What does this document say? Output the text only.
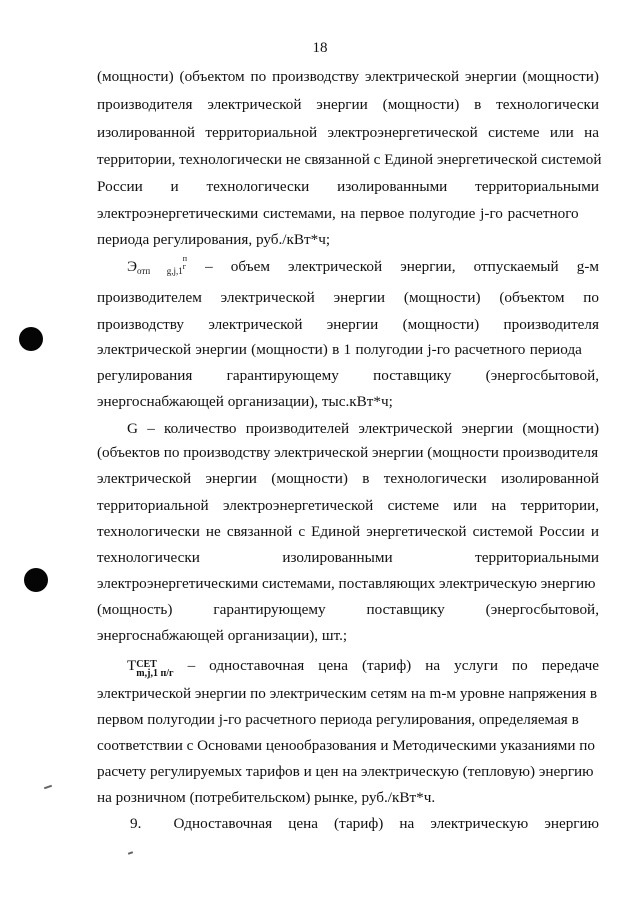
18
(мощности) (объектом по производству электрической энергии (мощности)
производителя электрической энергии (мощности) в технологически
изолированной территориальной электроэнергетической системе или на
территории, технологически не связанной с Единой энергетической системой
России и технологически изолированными территориальными
электроэнергетическими системами, на первое полугодие j-го расчетного
периода регулирования, руб./кВт*ч;
$Э_{отп g,j,1}п$
г – объем электрической энергии, отпускаемый g-м
производителем электрической энергии (мощности) (объектом по
производству электрической энергии (мощности) производителя
электрической энергии (мощности) в 1 полугодии j-го расчетного периода
регулирования гарантирующему поставщику (энергосбытовой,
энергоснабжающей организации), тыс.кВт*ч;
G – количество производителей электрической энергии (мощности)
(объектов по производству электрической энергии (мощности производителя
электрической энергии (мощности) в технологически изолированной
территориальной электроэнергетической системе или на территории,
технологически не связанной с Единой энергетической системой России и
технологически изолированными территориальными
электроэнергетическими системами, поставляющих электрическую энергию
(мощность) гарантирующему поставщику (энергосбытовой,
энергоснабжающей организации), шт.;
TСЕТ
m,j,1 п/г – одноставочная цена (тариф) на услуги по передаче
электрической энергии по электрическим сетям на m-м уровне напряжения в
первом полугодии j-го расчетного периода регулирования, определяемая в
соответствии с Основами ценообразования и Методическими указаниями по
расчету регулируемых тарифов и цен на электрическую (тепловую) энергию
на розничном (потребительском) рынке, руб./кВт*ч.
9. Одноставочная цена (тариф) на электрическую энергию
